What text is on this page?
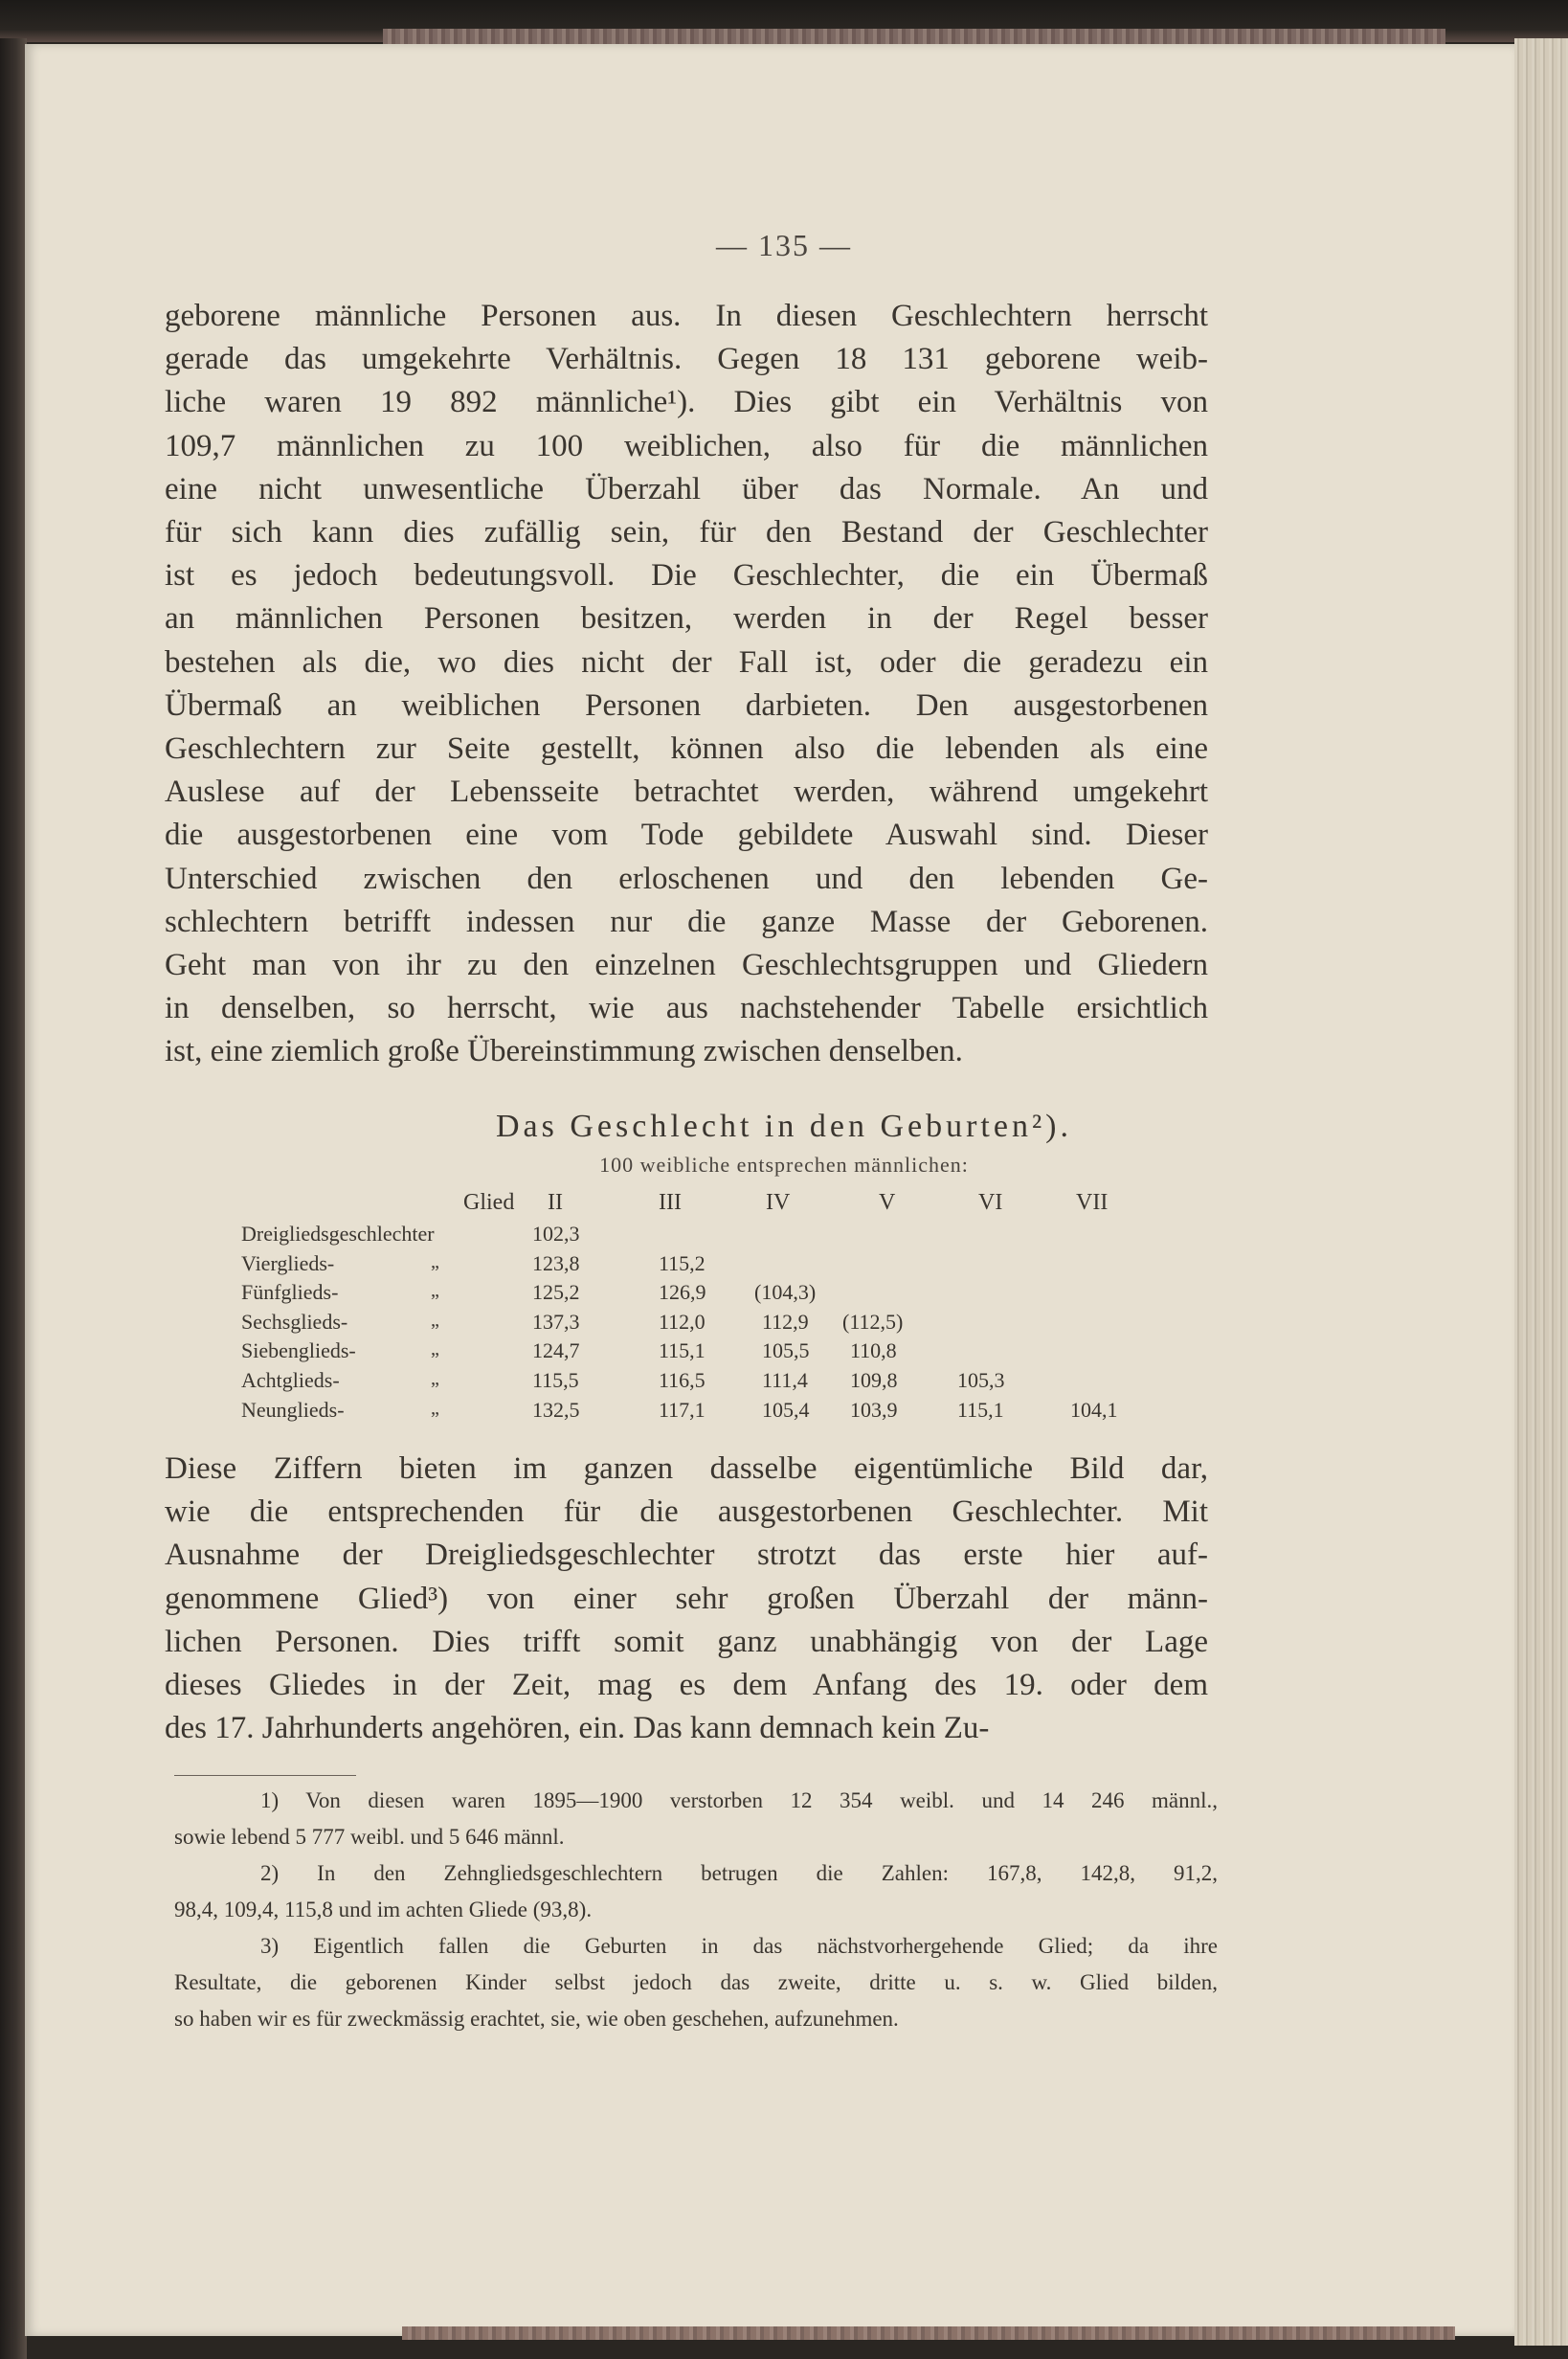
— 135 —
geborene männliche Personen aus. In diesen Geschlechtern herrscht
gerade das umgekehrte Verhältnis. Gegen 18 131 geborene weib-
liche waren 19 892 männliche¹). Dies gibt ein Verhältnis von
109,7 männlichen zu 100 weiblichen, also für die männlichen
eine nicht unwesentliche Überzahl über das Normale. An und
für sich kann dies zufällig sein, für den Bestand der Geschlechter
ist es jedoch bedeutungsvoll. Die Geschlechter, die ein Übermaß
an männlichen Personen besitzen, werden in der Regel besser
bestehen als die, wo dies nicht der Fall ist, oder die geradezu ein
Übermaß an weiblichen Personen darbieten. Den ausgestorbenen
Geschlechtern zur Seite gestellt, können also die lebenden als eine
Auslese auf der Lebensseite betrachtet werden, während umgekehrt
die ausgestorbenen eine vom Tode gebildete Auswahl sind. Dieser
Unterschied zwischen den erloschenen und den lebenden Ge-
schlechtern betrifft indessen nur die ganze Masse der Geborenen.
Geht man von ihr zu den einzelnen Geschlechtsgruppen und Gliedern
in denselben, so herrscht, wie aus nachstehender Tabelle ersichtlich
ist, eine ziemlich große Übereinstimmung zwischen denselben.
Das Geschlecht in den Geburten²).
100 weibliche entsprechen männlichen:
Glied II	III	IV	V	VI	VII
Dreigliedsgeschlechter	102,3
Vierglieds-	„	123,8	115,2
Fünfglieds-	„	125,2	126,9 (104,3)
Sechsglieds-	„	137,3	112,0	112,9 (112,5)
Siebenglieds-	„	124,7	115,1	105,5 110,8
Achtglieds-	„	115,5	116,5	111,4 109,8	105,3
Neunglieds-	„	132,5	117,1	105,4 103,9	115,1	104,1
Diese Ziffern bieten im ganzen dasselbe eigentümliche Bild dar,
wie die entsprechenden für die ausgestorbenen Geschlechter. Mit
Ausnahme der Dreigliedsgeschlechter strotzt das erste hier auf-
genommene Glied³) von einer sehr großen Überzahl der männ-
lichen Personen. Dies trifft somit ganz unabhängig von der Lage
dieses Gliedes in der Zeit, mag es dem Anfang des 19. oder dem
des 17. Jahrhunderts angehören, ein. Das kann demnach kein Zu-
1) Von diesen waren 1895—1900 verstorben 12 354 weibl. und 14 246 männl.,
sowie lebend 5 777 weibl. und 5 646 männl.
2) In den Zehngliedsgeschlechtern betrugen die Zahlen: 167,8, 142,8, 91,2,
98,4, 109,4, 115,8 und im achten Gliede (93,8).
3) Eigentlich fallen die Geburten in das nächstvorhergehende Glied; da ihre
Resultate, die geborenen Kinder selbst jedoch das zweite, dritte u. s. w. Glied bilden,
so haben wir es für zweckmässig erachtet, sie, wie oben geschehen, aufzunehmen.
